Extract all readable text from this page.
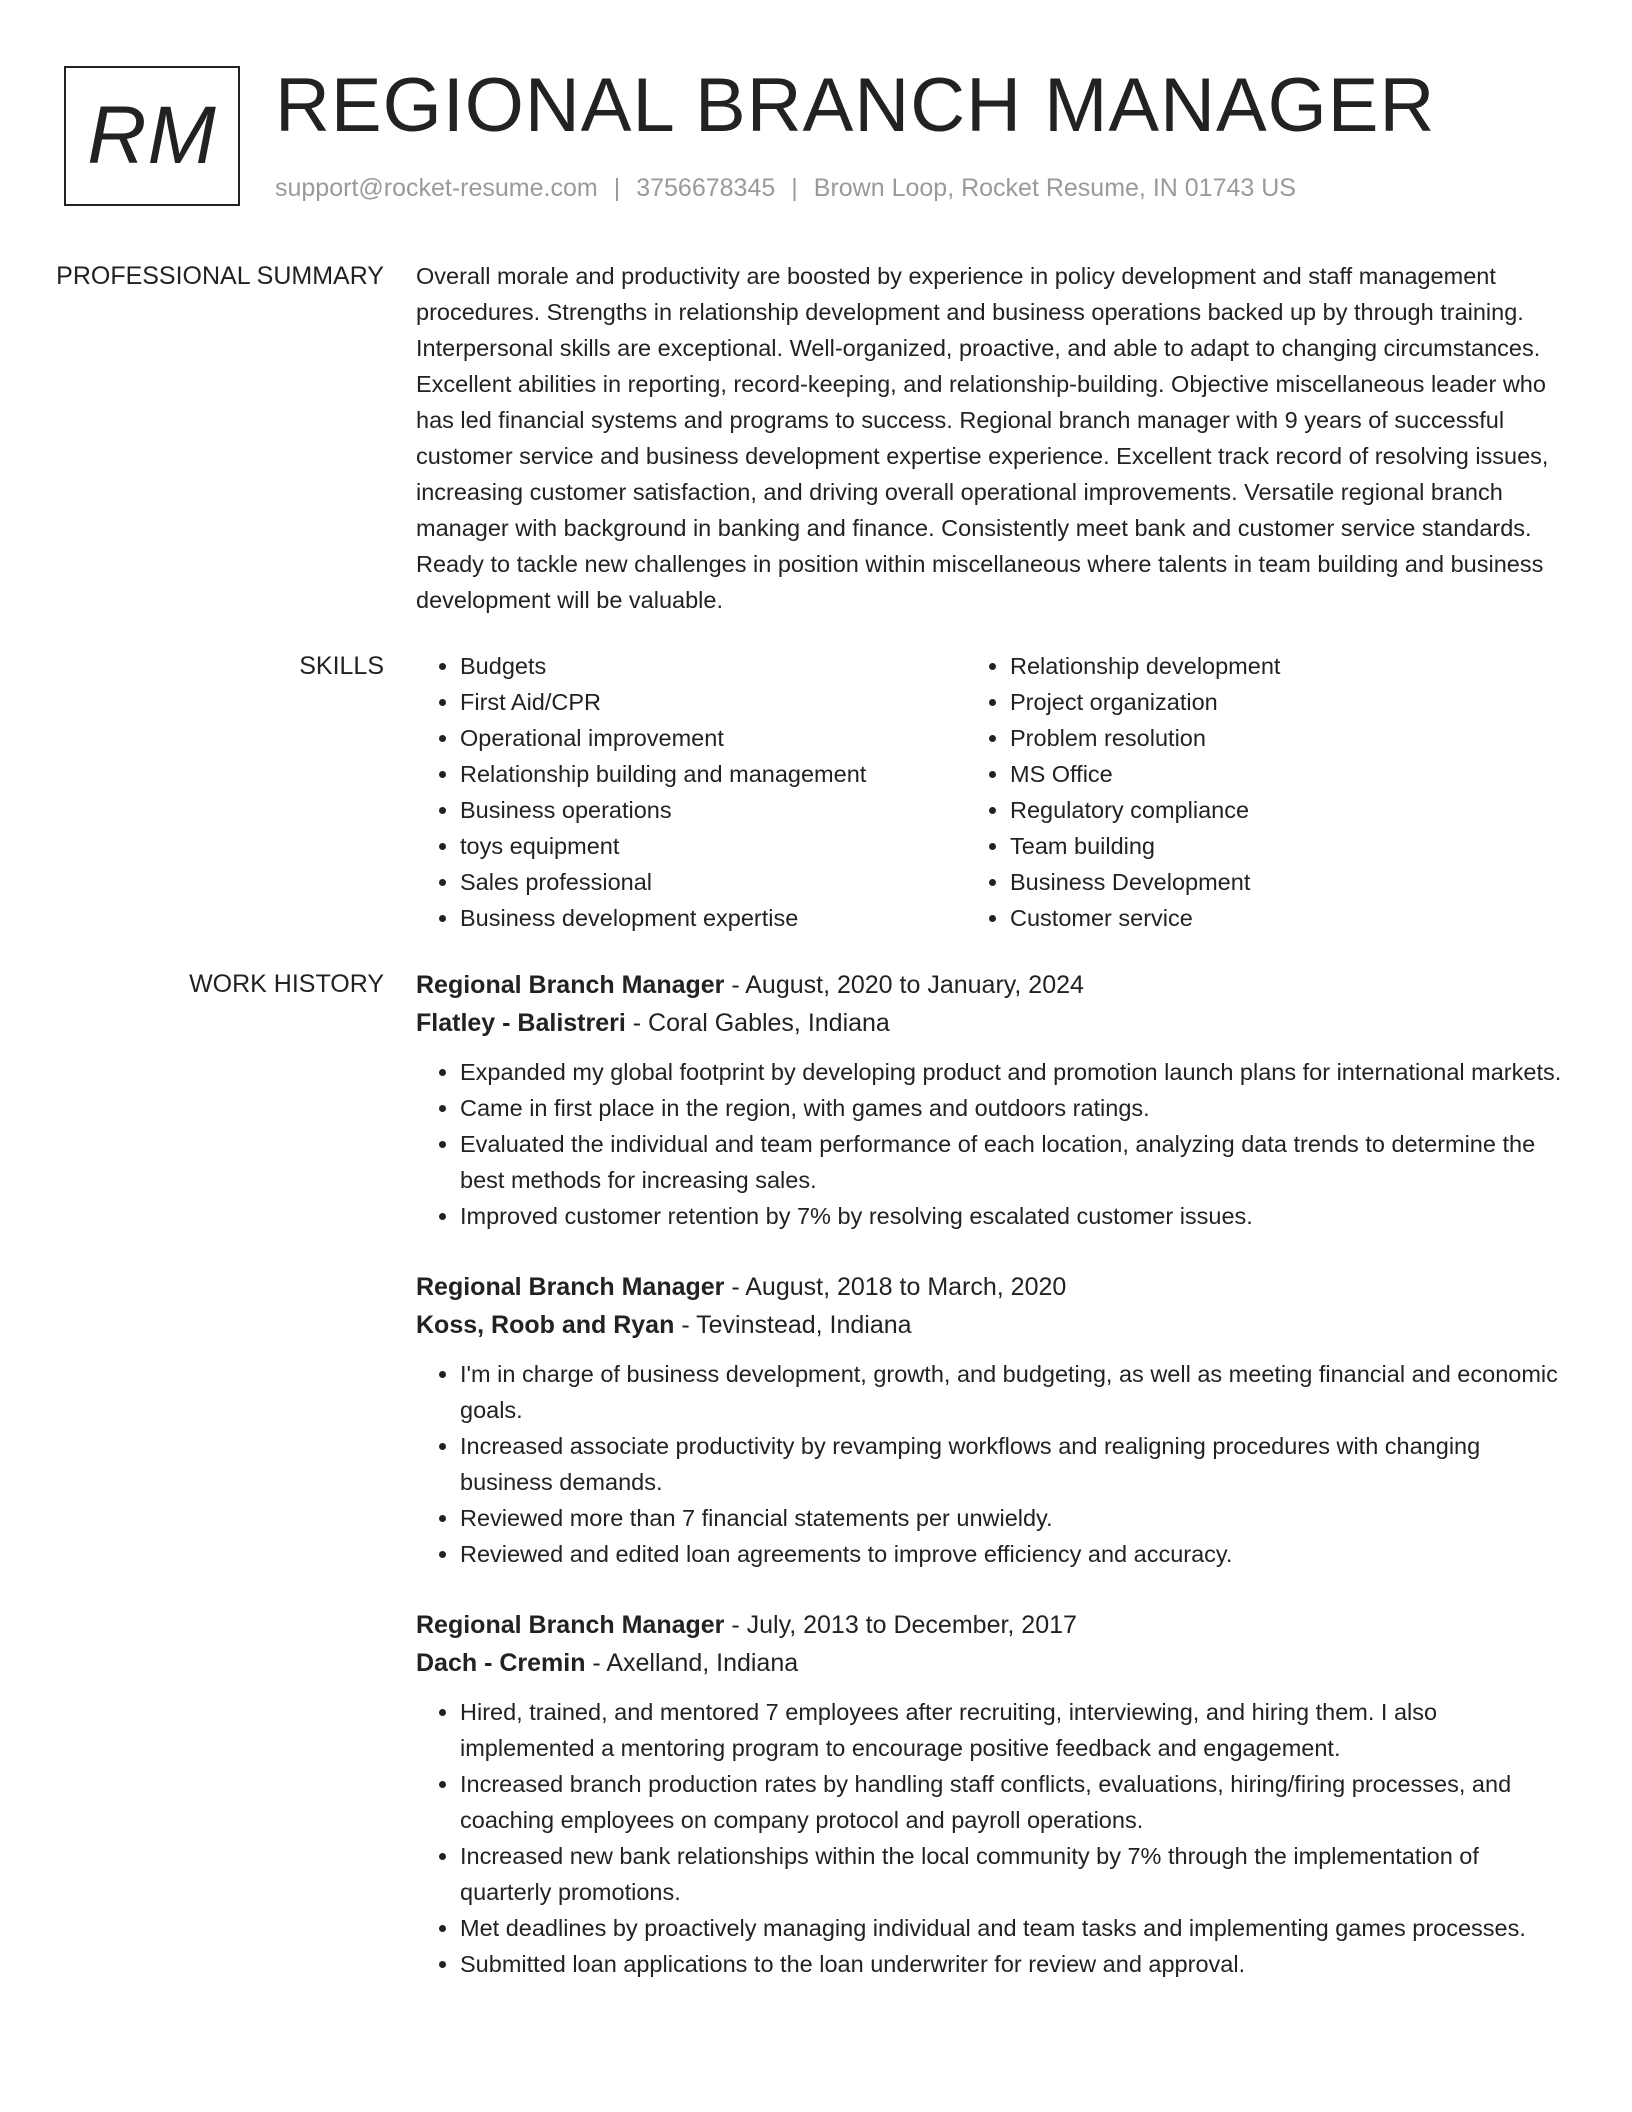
RM REGIONAL BRANCH MANAGER
support@rocket-resume.com | 3756678345 | Brown Loop, Rocket Resume, IN 01743 US
PROFESSIONAL SUMMARY	Overall morale and productivity are boosted by experience in policy development and staff management procedures. Strengths in relationship development and business operations backed up by through training. Interpersonal skills are exceptional. Well-organized, proactive, and able to adapt to changing circumstances. Excellent abilities in reporting, record-keeping, and relationship-building. Objective miscellaneous leader who has led financial systems and programs to success. Regional branch manager with 9 years of successful customer service and business development expertise experience. Excellent track record of resolving issues, increasing customer satisfaction, and driving overall operational improvements. Versatile regional branch manager with background in banking and finance. Consistently meet bank and customer service standards. Ready to tackle new challenges in position within miscellaneous where talents in team building and business development will be valuable.

SKILLS
•	Budgets
• First Aid/CPR
• Operational improvement
• Relationship building and management
• Business operations
• toys equipment
• Sales professional
• Business development expertise
• Relationship development
• Project organization
• Problem resolution
• MS Office
• Regulatory compliance
• Team building
• Business Development
• Customer service
WORK HISTORY	Regional Branch Manager - August, 2020 to January, 2024
Flatley - Balistreri - Coral Gables, Indiana
• Expanded my global footprint by developing product and promotion launch plans for international markets.
• Came in first place in the region, with games and outdoors ratings.
• Evaluated the individual and team performance of each location, analyzing data trends to determine the best methods for increasing sales.
• Improved customer retention by 7% by resolving escalated customer issues.
Regional Branch Manager - August, 2018 to March, 2020
Koss, Roob and Ryan - Tevinstead, Indiana
• I'm in charge of business development, growth, and budgeting, as well as meeting financial and economic goals.
• Increased associate productivity by revamping workflows and realigning procedures with changing business demands.
• Reviewed more than 7 financial statements per unwieldy.
• Reviewed and edited loan agreements to improve efficiency and accuracy.
Regional Branch Manager - July, 2013 to December, 2017
Dach - Cremin - Axelland, Indiana
• Hired, trained, and mentored 7 employees after recruiting, interviewing, and hiring them. I also implemented a mentoring program to encourage positive feedback and engagement.
• Increased branch production rates by handling staff conflicts, evaluations, hiring/firing processes, and coaching employees on company protocol and payroll operations.
• Increased new bank relationships within the local community by 7% through the implementation of quarterly promotions.
• Met deadlines by proactively managing individual and team tasks and implementing games processes.
• Submitted loan applications to the loan underwriter for review and approval.
